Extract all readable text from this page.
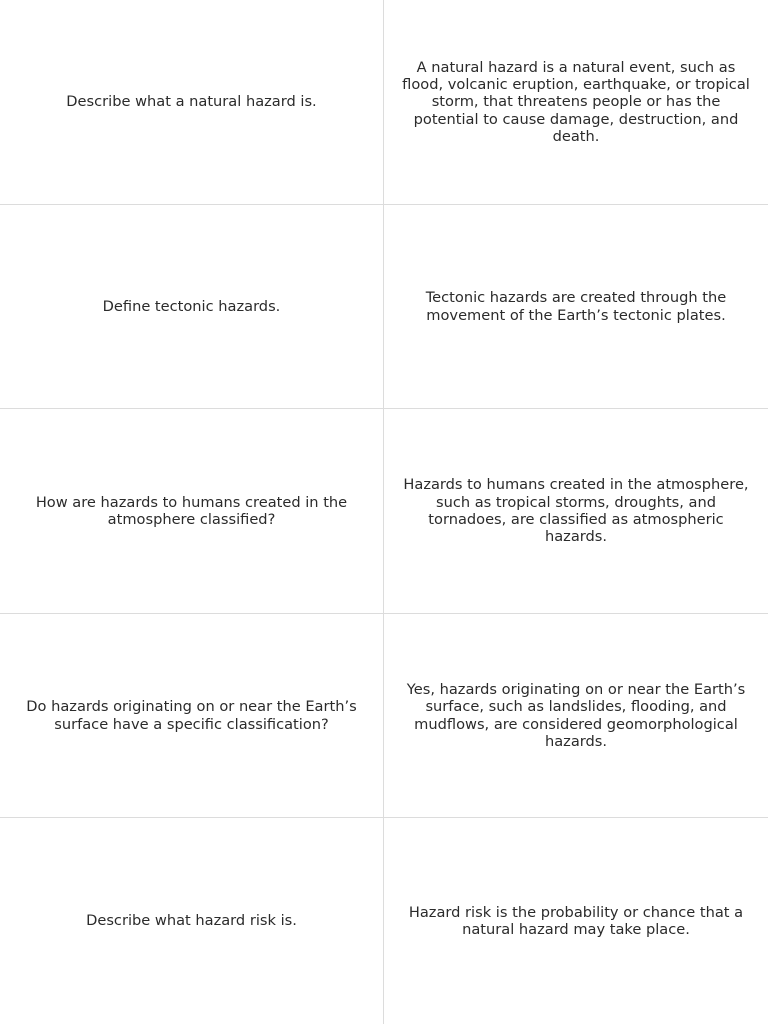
Describe what a natural hazard is.
A natural hazard is a natural event, such as flood, volcanic eruption, earthquake, or tropical storm, that threatens people or has the potential to cause damage, destruction, and death.
Define tectonic hazards.
Tectonic hazards are created through the movement of the Earth’s tectonic plates.
How are hazards to humans created in the atmosphere classified?
Hazards to humans created in the atmosphere, such as tropical storms, droughts, and tornadoes, are classified as atmospheric hazards.
Do hazards originating on or near the Earth’s surface have a specific classification?
Yes, hazards originating on or near the Earth’s surface, such as landslides, flooding, and mudflows, are considered geomorphological hazards.
Describe what hazard risk is.
Hazard risk is the probability or chance that a natural hazard may take place.
